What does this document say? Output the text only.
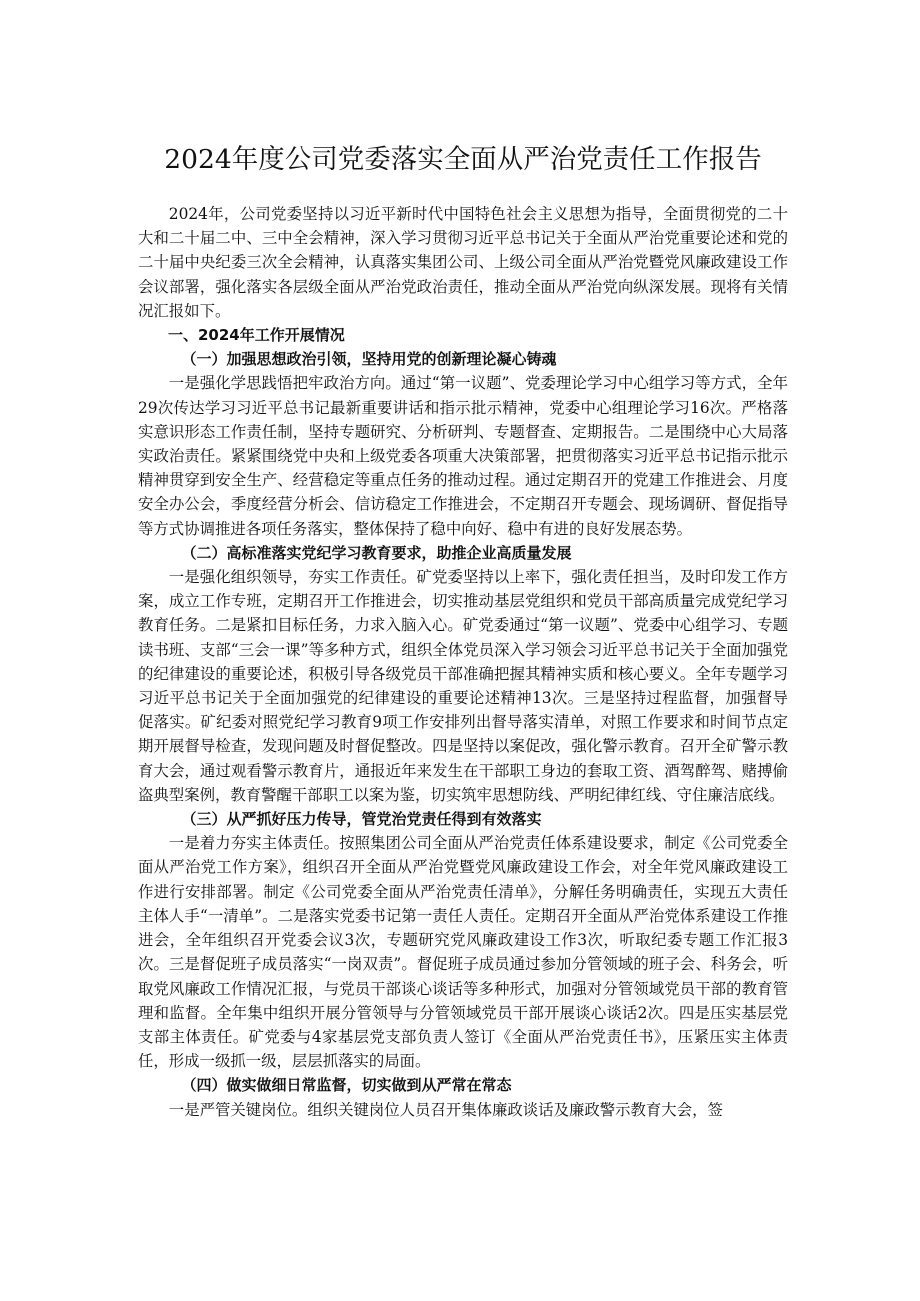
2024年度公司党委落实全面从严治党责任工作报告

2024年，公司党委坚持以习近平新时代中国特色社会主义思想为指导，全面贯彻党的二十大和二十届二中、三中全会精神，深入学习贯彻习近平总书记关于全面从严治党重要论述和党的二十届中央纪委三次全会精神，认真落实集团公司、上级公司全面从严治党暨党风廉政建设工作会议部署，强化落实各层级全面从严治党政治责任，推动全面从严治党向纵深发展。现将有关情况汇报如下。

一、2024年工作开展情况

（一）加强思想政治引领，坚持用党的创新理论凝心铸魂

一是强化学思践悟把牢政治方向。通过“第一议题”、党委理论学习中心组学习等方式，全年29次传达学习习近平总书记最新重要讲话和指示批示精神，党委中心组理论学习16次。严格落实意识形态工作责任制，坚持专题研究、分析研判、专题督查、定期报告。二是围绕中心大局落实政治责任。紧紧围绕党中央和上级党委各项重大决策部署，把贯彻落实习近平总书记指示批示精神贯穿到安全生产、经营稳定等重点任务的推动过程。通过定期召开的党建工作推进会、月度安全办公会，季度经营分析会、信访稳定工作推进会，不定期召开专题会、现场调研、督促指导等方式协调推进各项任务落实，整体保持了稳中向好、稳中有进的良好发展态势。

（二）高标准落实党纪学习教育要求，助推企业高质量发展

一是强化组织领导，夯实工作责任。矿党委坚持以上率下，强化责任担当，及时印发工作方案，成立工作专班，定期召开工作推进会，切实推动基层党组织和党员干部高质量完成党纪学习教育任务。二是紧扣目标任务，力求入脑入心。矿党委通过“第一议题”、党委中心组学习、专题读书班、支部“三会一课”等多种方式，组织全体党员深入学习领会习近平总书记关于全面加强党的纪律建设的重要论述，积极引导各级党员干部准确把握其精神实质和核心要义。全年专题学习习近平总书记关于全面加强党的纪律建设的重要论述精神13次。三是坚持过程监督，加强督导促落实。矿纪委对照党纪学习教育9项工作安排列出督导落实清单，对照工作要求和时间节点定期开展督导检查，发现问题及时督促整改。四是坚持以案促改，强化警示教育。召开全矿警示教育大会，通过观看警示教育片，通报近年来发生在干部职工身边的套取工资、酒驾醉驾、赌搏偷盗典型案例，教育警醒干部职工以案为鉴，切实筑牢思想防线、严明纪律红线、守住廉洁底线。

（三）从严抓好压力传导，管党治党责任得到有效落实

一是着力夯实主体责任。按照集团公司全面从严治党责任体系建设要求，制定《公司党委全面从严治党工作方案》，组织召开全面从严治党暨党风廉政建设工作会，对全年党风廉政建设工作进行安排部署。制定《公司党委全面从严治党责任清单》，分解任务明确责任，实现五大责任主体人手“一清单”。二是落实党委书记第一责任人责任。定期召开全面从严治党体系建设工作推进会，全年组织召开党委会议3次，专题研究党风廉政建设工作3次，听取纪委专题工作汇报3次。三是督促班子成员落实“一岗双责”。督促班子成员通过参加分管领域的班子会、科务会，听取党风廉政工作情况汇报，与党员干部谈心谈话等多种形式，加强对分管领域党员干部的教育管理和监督。全年集中组织开展分管领导与分管领域党员干部开展谈心谈话2次。四是压实基层党支部主体责任。矿党委与4家基层党支部负责人签订《全面从严治党责任书》，压紧压实主体责任，形成一级抓一级，层层抓落实的局面。

（四）做实做细日常监督，切实做到从严常在常态

一是严管关键岗位。组织关键岗位人员召开集体廉政谈话及廉政警示教育大会，签
